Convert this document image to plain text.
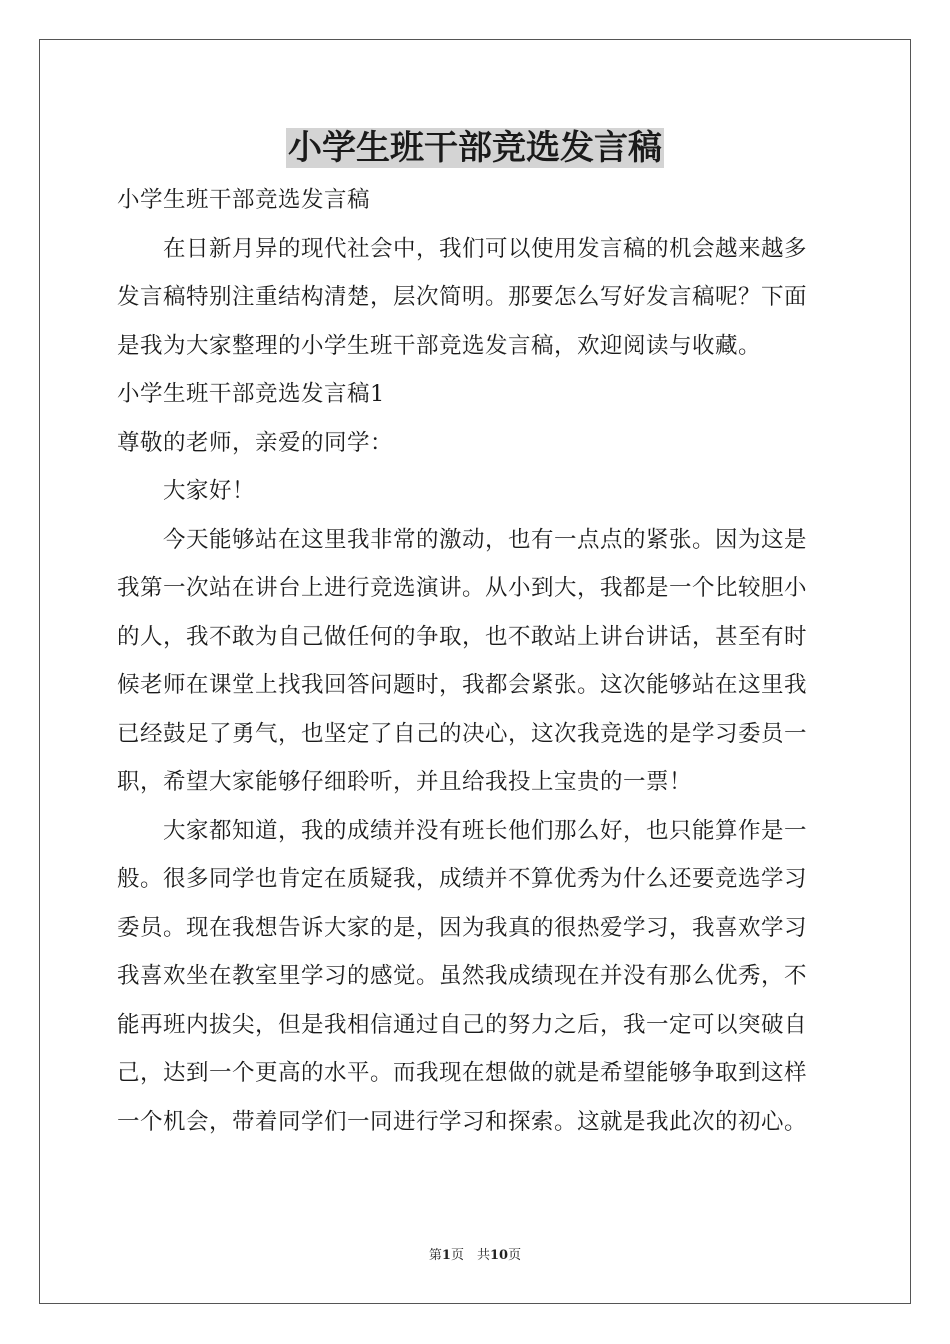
小学生班干部竞选发言稿
小学生班干部竞选发言稿
在日新月异的现代社会中，我们可以使用发言稿的机会越来越多
发言稿特别注重结构清楚，层次简明。那要怎么写好发言稿呢？下面
是我为大家整理的小学生班干部竞选发言稿，欢迎阅读与收藏。
小学生班干部竞选发言稿1
尊敬的老师，亲爱的同学：
大家好！
今天能够站在这里我非常的激动，也有一点点的紧张。因为这是
我第一次站在讲台上进行竞选演讲。从小到大，我都是一个比较胆小
的人，我不敢为自己做任何的争取，也不敢站上讲台讲话，甚至有时
候老师在课堂上找我回答问题时，我都会紧张。这次能够站在这里我
已经鼓足了勇气，也坚定了自己的决心，这次我竞选的是学习委员一
职，希望大家能够仔细聆听，并且给我投上宝贵的一票！
大家都知道，我的成绩并没有班长他们那么好，也只能算作是一
般。很多同学也肯定在质疑我，成绩并不算优秀为什么还要竞选学习
委员。现在我想告诉大家的是，因为我真的很热爱学习，我喜欢学习
我喜欢坐在教室里学习的感觉。虽然我成绩现在并没有那么优秀，不
能再班内拔尖，但是我相信通过自己的努力之后，我一定可以突破自
己，达到一个更高的水平。而我现在想做的就是希望能够争取到这样
一个机会，带着同学们一同进行学习和探索。这就是我此次的初心。
第1页　共10页
